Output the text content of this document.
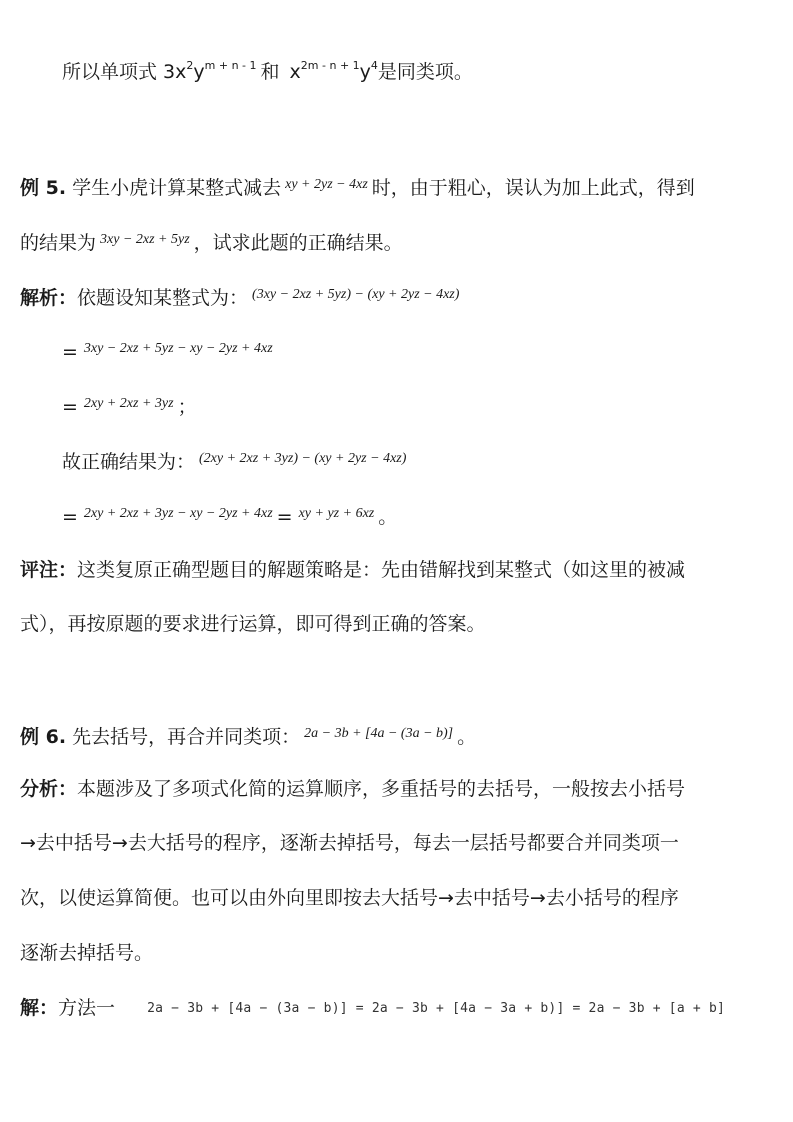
所以单项式 $3x^2y^{m + n - 1}$ 和 $x^{2m - n + 1}y^4$是同类项。
例 5. 学生小虎计算某整式减去 $^{xy + 2yz - 4xz}$ 时，由于粗心，误认为加上此式，得到
的结果为 $^{3xy - 2xz + 5yz}$ ，试求此题的正确结果。
解析：依题设知某整式为： $^{(3xy - 2xz + 5yz) - (xy + 2yz - 4xz)}$
= $^{3xy - 2xz + 5yz - xy - 2yz + 4xz}$
= $^{2xy + 2xz + 3yz}$ ；
故正确结果为： $^{(2xy + 2xz + 3yz) - (xy + 2yz - 4xz)}$
= $^{2xy + 2xz + 3yz - xy - 2yz + 4xz}$ = $^{xy + yz + 6xz}$ 。
评注：这类复原正确型题目的解题策略是：先由错解找到某整式（如这里的被减
式），再按原题的要求进行运算，即可得到正确的答案。
例 6. 先去括号，再合并同类项： $^{2a - 3b + [4a - (3a - b)]}$ 。
分析：本题涉及了多项式化简的运算顺序，多重括号的去括号，一般按去小括号
→去中括号→去大括号的程序，逐渐去掉括号，每去一层括号都要合并同类项一
次，以使运算简便。也可以由外向里即按去大括号→去中括号→去小括号的程序
逐渐去掉括号。
解：方法一 2a − 3b + [4a − (3a − b)] = 2a − 3b + [4a − 3a + b)] = 2a − 3b + [a + b]
